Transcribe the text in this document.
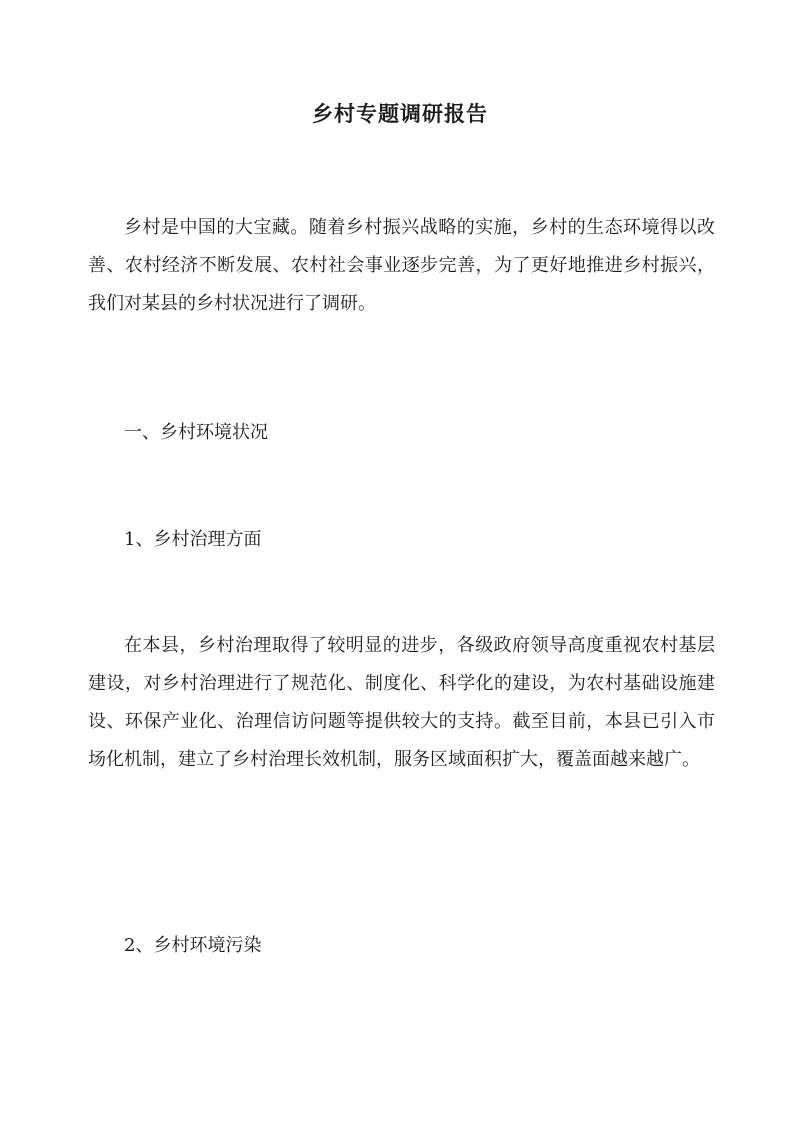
乡村专题调研报告

乡村是中国的大宝藏。随着乡村振兴战略的实施，乡村的生态环境得以改善、农村经济不断发展、农村社会事业逐步完善，为了更好地推进乡村振兴，我们对某县的乡村状况进行了调研。

一、乡村环境状况

1、乡村治理方面

在本县，乡村治理取得了较明显的进步，各级政府领导高度重视农村基层建设，对乡村治理进行了规范化、制度化、科学化的建设，为农村基础设施建设、环保产业化、治理信访问题等提供较大的支持。截至目前，本县已引入市场化机制，建立了乡村治理长效机制，服务区域面积扩大，覆盖面越来越广。

2、乡村环境污染
